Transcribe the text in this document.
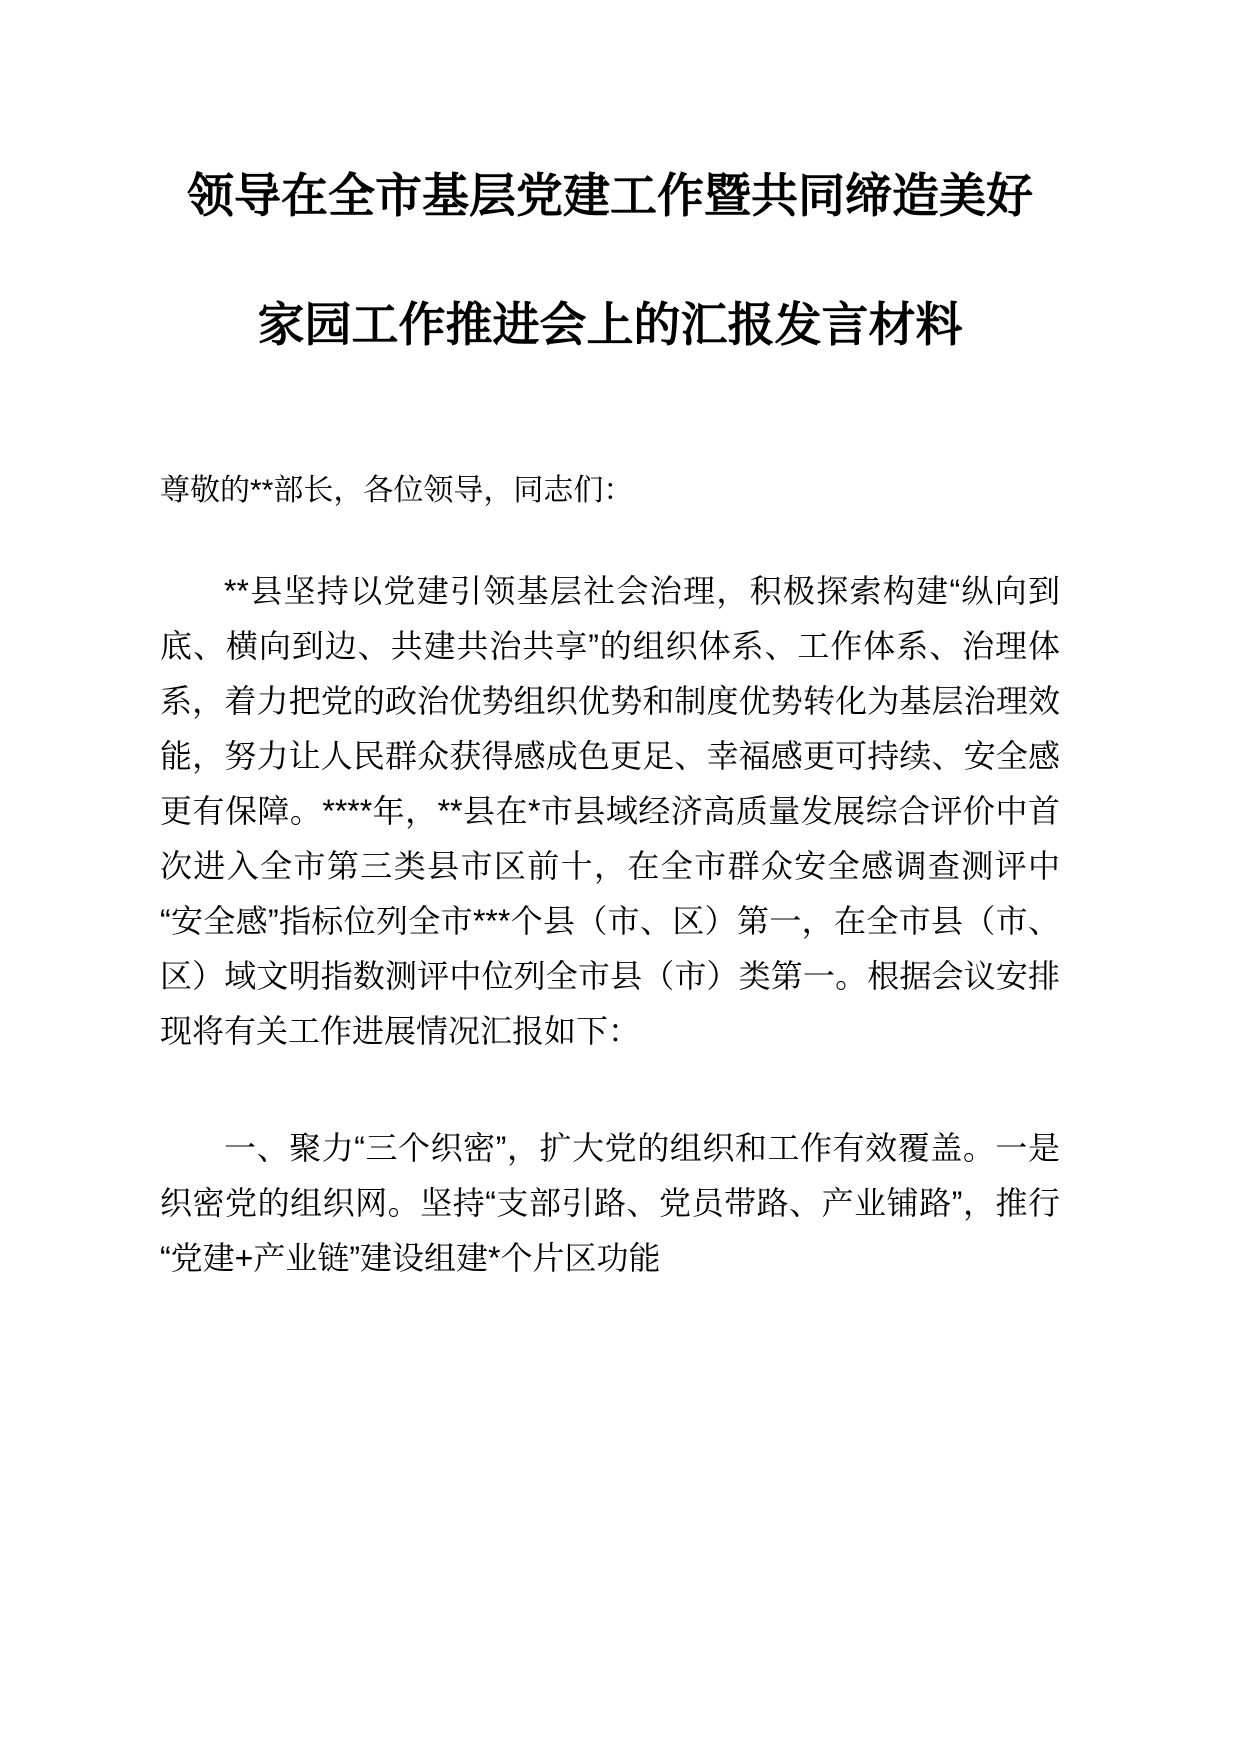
领导在全市基层党建工作暨共同缔造美好
家园工作推进会上的汇报发言材料

尊敬的**部长，各位领导，同志们：

**县坚持以党建引领基层社会治理，积极探索构建“纵向到底、横向到边、共建共治共享”的组织体系、工作体系、治理体系，着力把党的政治优势组织优势和制度优势转化为基层治理效能，努力让人民群众获得感成色更足、幸福感更可持续、安全感更有保障。****年，**县在*市县域经济高质量发展综合评价中首次进入全市第三类县市区前十，在全市群众安全感调查测评中“安全感”指标位列全市***个县（市、区）第一，在全市县（市、区）域文明指数测评中位列全市县（市）类第一。根据会议安排现将有关工作进展情况汇报如下：

一、聚力“三个织密”，扩大党的组织和工作有效覆盖。一是织密党的组织网。坚持“支部引路、党员带路、产业铺路”，推行“党建+产业链”建设组建*个片区功能
